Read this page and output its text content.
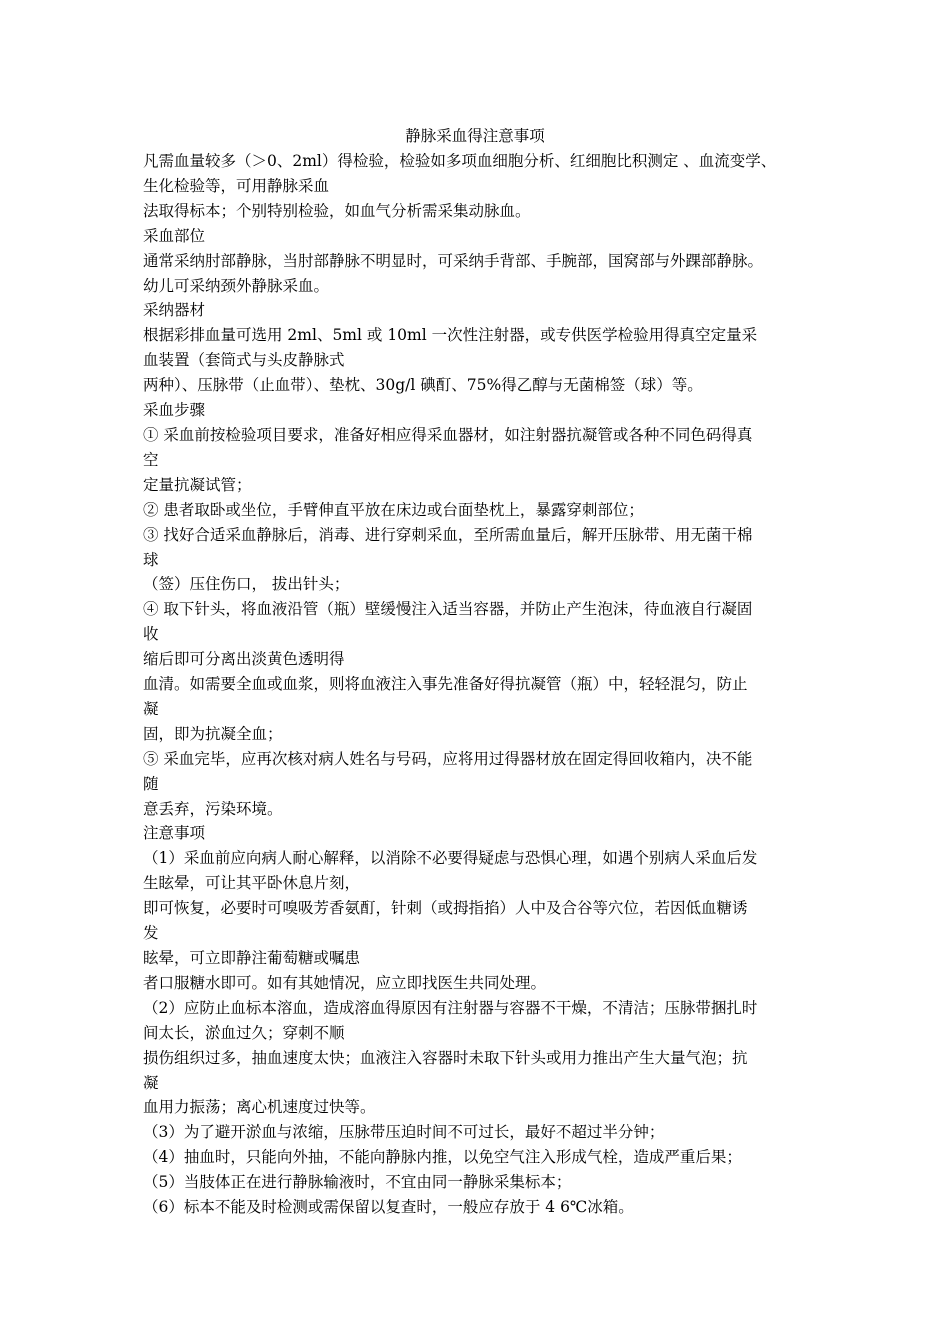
静脉采血得注意事项

凡需血量较多（＞0、2ml）得检验，检验如多项血细胞分析、红细胞比积测定 、血流变学、

生化检验等，可用静脉采血

法取得标本；个别特别检验，如血气分析需采集动脉血。

采血部位

通常采纳肘部静脉，当肘部静脉不明显时，可采纳手背部、手腕部，国窝部与外踝部静脉。

幼儿可采纳颈外静脉采血。

采纳器材

根据彩排血量可选用 2ml、5ml 或 10ml 一次性注射器，或专供医学检验用得真空定量采

血装置（套筒式与头皮静脉式

两种）、压脉带（止血带）、垫枕、30g/l 碘酊、75%得乙醇与无菌棉签（球）等。

采血步骤

① 采血前按检验项目要求，准备好相应得采血器材，如注射器抗凝管或各种不同色码得真

空

定量抗凝试管；

② 患者取卧或坐位，手臂伸直平放在床边或台面垫枕上，暴露穿刺部位；

③ 找好合适采血静脉后，消毒、进行穿刺采血，至所需血量后，解开压脉带、用无菌干棉

球

（签）压住伤口， 拔出针头；

④ 取下针头，将血液沿管（瓶）壁缓慢注入适当容器，并防止产生泡沫，待血液自行凝固

收

缩后即可分离出淡黄色透明得

血清。如需要全血或血浆，则将血液注入事先准备好得抗凝管（瓶）中，轻轻混匀，防止

凝

固，即为抗凝全血；

⑤ 采血完毕，应再次核对病人姓名与号码，应将用过得器材放在固定得回收箱内，决不能

随

意丢弃，污染环境。

注意事项

（1）采血前应向病人耐心解释，以消除不必要得疑虑与恐惧心理，如遇个别病人采血后发

生眩晕，可让其平卧休息片刻，

即可恢复，必要时可嗅吸芳香氨酊，针刺（或拇指掐）人中及合谷等穴位，若因低血糖诱

发

眩晕，可立即静注葡萄糖或嘱患

者口服糖水即可。如有其她情况，应立即找医生共同处理。

（2）应防止血标本溶血，造成溶血得原因有注射器与容器不干燥，不清洁；压脉带捆扎时

间太长，淤血过久；穿刺不顺

损伤组织过多，抽血速度太快；血液注入容器时未取下针头或用力推出产生大量气泡；抗

凝

血用力振荡；离心机速度过快等。

（3）为了避开淤血与浓缩，压脉带压迫时间不可过长，最好不超过半分钟；

（4）抽血时，只能向外抽，不能向静脉内推，以免空气注入形成气栓，造成严重后果；

（5）当肢体正在进行静脉输液时，不宜由同一静脉采集标本；

（6）标本不能及时检测或需保留以复查时，一般应存放于 4 6℃冰箱。
